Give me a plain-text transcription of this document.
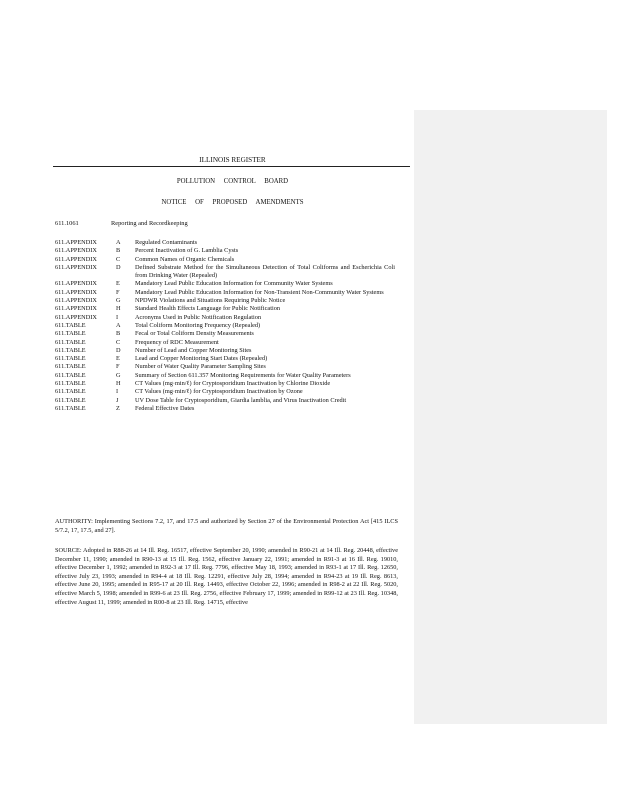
ILLINOIS REGISTER
POLLUTION CONTROL BOARD
NOTICE OF PROPOSED AMENDMENTS
611.1061	Reporting and Recordkeeping
611.APPENDIX	A	Regulated Contaminants
611.APPENDIX	B	Percent Inactivation of G. Lamblia Cysts
611.APPENDIX	C	Common Names of Organic Chemicals
611.APPENDIX	D	Defined Substrate Method for the Simultaneous Detection of Total Coliforms and Escherichia Coli from Drinking Water (Repealed)
611.APPENDIX	E	Mandatory Lead Public Education Information for Community Water Systems
611.APPENDIX	F	Mandatory Lead Public Education Information for Non-Transient Non-Community Water Systems
611.APPENDIX	G	NPDWR Violations and Situations Requiring Public Notice
611.APPENDIX	H	Standard Health Effects Language for Public Notification
611.APPENDIX	I	Acronyms Used in Public Notification Regulation
611.TABLE	A	Total Coliform Monitoring Frequency (Repealed)
611.TABLE	B	Fecal or Total Coliform Density Measurements
611.TABLE	C	Frequency of RDC Measurement
611.TABLE	D	Number of Lead and Copper Monitoring Sites
611.TABLE	E	Lead and Copper Monitoring Start Dates (Repealed)
611.TABLE	F	Number of Water Quality Parameter Sampling Sites
611.TABLE	G	Summary of Section 611.357 Monitoring Requirements for Water Quality Parameters
611.TABLE	H	CT Values (mg·min/ℓ) for Cryptosporidium Inactivation by Chlorine Dioxide
611.TABLE	I	CT Values (mg·min/ℓ) for Cryptosporidium Inactivation by Ozone
611.TABLE	J	UV Dose Table for Cryptosporidium, Giardia lamblia, and Virus Inactivation Credit
611.TABLE	Z	Federal Effective Dates
AUTHORITY: Implementing Sections 7.2, 17, and 17.5 and authorized by Section 27 of the Environmental Protection Act [415 ILCS 5/7.2, 17, 17.5, and 27].
SOURCE: Adopted in R88-26 at 14 Ill. Reg. 16517, effective September 20, 1990; amended in R90-21 at 14 Ill. Reg. 20448, effective December 11, 1990; amended in R90-13 at 15 Ill. Reg. 1562, effective January 22, 1991; amended in R91-3 at 16 Ill. Reg. 19010, effective December 1, 1992; amended in R92-3 at 17 Ill. Reg. 7796, effective May 18, 1993; amended in R93-1 at 17 Ill. Reg. 12650, effective July 23, 1993; amended in R94-4 at 18 Ill. Reg. 12291, effective July 28, 1994; amended in R94-23 at 19 Ill. Reg. 8613, effective June 20, 1995; amended in R95-17 at 20 Ill. Reg. 14493, effective October 22, 1996; amended in R98-2 at 22 Ill. Reg. 5020, effective March 5, 1998; amended in R99-6 at 23 Ill. Reg. 2756, effective February 17, 1999; amended in R99-12 at 23 Ill. Reg. 10348, effective August 11, 1999; amended in R00-8 at 23 Ill. Reg. 14715, effective
